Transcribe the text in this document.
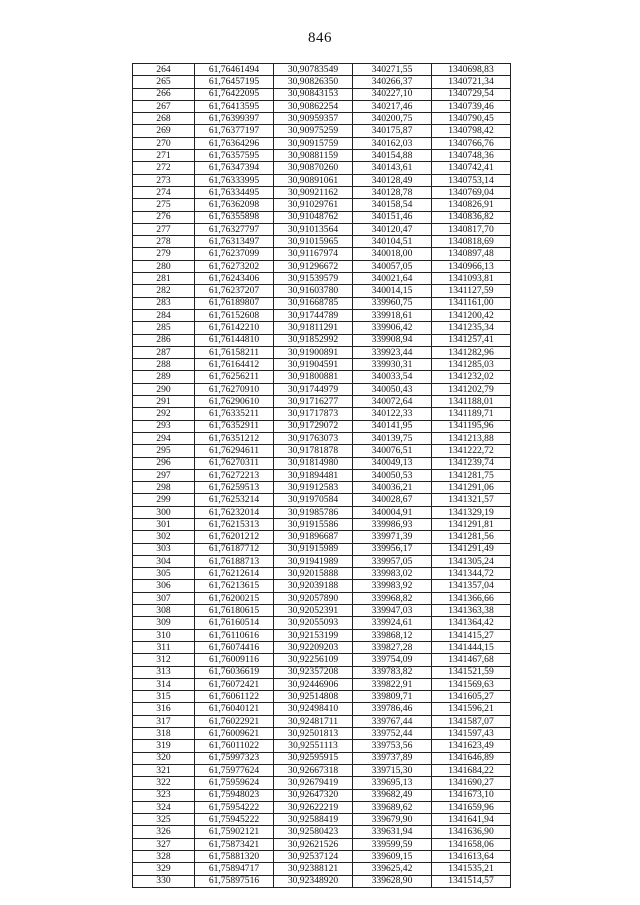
846
264	61,76461494	30,90783549	340271,55	1340698,83
265	61,76457195	30,90826350	340266,37	1340721,34
266	61,76422095	30,90843153	340227,10	1340729,54
267	61,76413595	30,90862254	340217,46	1340739,46
268	61,76399397	30,90959357	340200,75	1340790,45
269	61,76377197	30,90975259	340175,87	1340798,42
270	61,76364296	30,90915759	340162,03	1340766,76
271	61,76357595	30,90881159	340154,88	1340748,36
272	61,76347394	30,90870260	340143,61	1340742,41
273	61,76333995	30,90891061	340128,49	1340753,14
274	61,76334495	30,90921162	340128,78	1340769,04
275	61,76362098	30,91029761	340158,54	1340826,91
276	61,76355898	30,91048762	340151,46	1340836,82
277	61,76327797	30,91013564	340120,47	1340817,70
278	61,76313497	30,91015965	340104,51	1340818,69
279	61,76237099	30,91167974	340018,00	1340897,48
280	61,76273202	30,91296672	340057,05	1340966,13
281	61,76243406	30,91539579	340021,64	1341093,81
282	61,76237207	30,91603780	340014,15	1341127,59
283	61,76189807	30,91668785	339960,75	1341161,00
284	61,76152608	30,91744789	339918,61	1341200,42
285	61,76142210	30,91811291	339906,42	1341235,34
286	61,76144810	30,91852992	339908,94	1341257,41
287	61,76158211	30,91900891	339923,44	1341282,96
288	61,76164412	30,91904591	339930,31	1341285,03
289	61,76256211	30,91800881	340033,54	1341232,02
290	61,76270910	30,91744979	340050,43	1341202,79
291	61,76290610	30,91716277	340072,64	1341188,01
292	61,76335211	30,91717873	340122,33	1341189,71
293	61,76352911	30,91729072	340141,95	1341195,96
294	61,76351212	30,91763073	340139,75	1341213,88
295	61,76294611	30,91781878	340076,51	1341222,72
296	61,76270311	30,91814980	340049,13	1341239,74
297	61,76272213	30,91894481	340050,53	1341281,75
298	61,76259513	30,91912583	340036,21	1341291,06
299	61,76253214	30,91970584	340028,67	1341321,57
300	61,76232014	30,91985786	340004,91	1341329,19
301	61,76215313	30,91915586	339986,93	1341291,81
302	61,76201212	30,91896687	339971,39	1341281,56
303	61,76187712	30,91915989	339956,17	1341291,49
304	61,76188713	30,91941989	339957,05	1341305,24
305	61,76212614	30,92015888	339983,02	1341344,72
306	61,76213615	30,92039188	339983,92	1341357,04
307	61,76200215	30,92057890	339968,82	1341366,66
308	61,76180615	30,92052391	339947,03	1341363,38
309	61,76160514	30,92055093	339924,61	1341364,42
310	61,76110616	30,92153199	339868,12	1341415,27
311	61,76074416	30,92209203	339827,28	1341444,15
312	61,76009116	30,92256109	339754,09	1341467,68
313	61,76036619	30,92357208	339783,82	1341521,59
314	61,76072421	30,92446906	339822,91	1341569,63
315	61,76061122	30,92514808	339809,71	1341605,27
316	61,76040121	30,92498410	339786,46	1341596,21
317	61,76022921	30,92481711	339767,44	1341587,07
318	61,76009621	30,92501813	339752,44	1341597,43
319	61,76011022	30,92551113	339753,56	1341623,49
320	61,75997323	30,92595915	339737,89	1341646,89
321	61,75977624	30,92667318	339715,30	1341684,22
322	61,75959624	30,92679419	339695,13	1341690,27
323	61,75948023	30,92647320	339682,49	1341673,10
324	61,75954222	30,92622219	339689,62	1341659,96
325	61,75945222	30,92588419	339679,90	1341641,94
326	61,75902121	30,92580423	339631,94	1341636,90
327	61,75873421	30,92621526	339599,59	1341658,06
328	61,75881320	30,92537124	339609,15	1341613,64
329	61,75894717	30,92388121	339625,42	1341535,21
330	61,75897516	30,92348920	339628,90	1341514,57
